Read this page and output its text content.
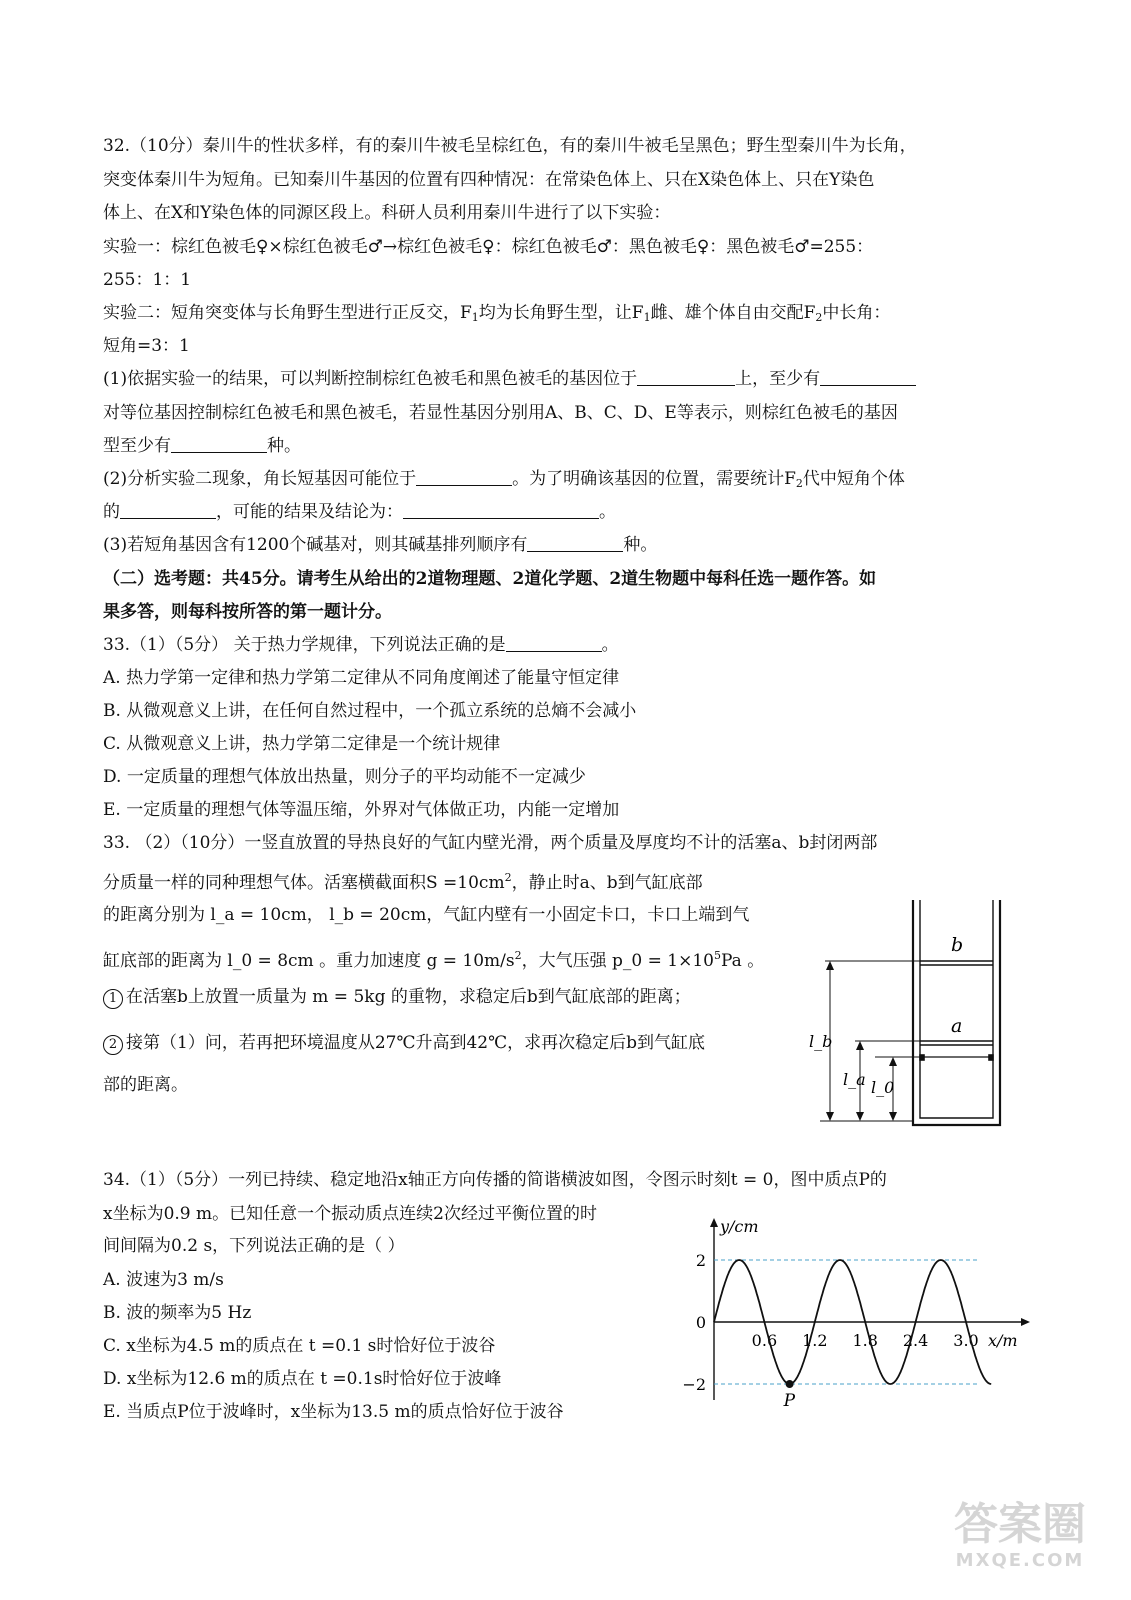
32.（10分）秦川牛的性状多样，有的秦川牛被毛呈棕红色，有的秦川牛被毛呈黑色；野生型秦川牛为长角，
突变体秦川牛为短角。已知秦川牛基因的位置有四种情况：在常染色体上、只在X染色体上、只在Y染色
体上、在X和Y染色体的同源区段上。科研人员利用秦川牛进行了以下实验：
实验一：棕红色被毛♀×棕红色被毛♂→棕红色被毛♀：棕红色被毛♂：黑色被毛♀：黑色被毛♂=255：
255：1：1
实验二：短角突变体与长角野生型进行正反交，$F_1$均为长角野生型，让$F_1$雌、雄个体自由交配$F_2$中长角：
短角=3：1
(1)依据实验一的结果，可以判断控制棕红色被毛和黑色被毛的基因位于	上，至少有
对等位基因控制棕红色被毛和黑色被毛，若显性基因分别用A、B、C、D、E等表示，则棕红色被毛的基因
型至少有	种。
(2)分析实验二现象，角长短基因可能位于	。为了明确该基因的位置，需要统计$F_2$代中短角个体
的	，可能的结果及结论为：	。
(3)若短角基因含有1200个碱基对，则其碱基排列顺序有	种。
（二）选考题：共45分。请考生从给出的2道物理题、2道化学题、2道生物题中每科任选一题作答。如
果多答，则每科按所答的第一题计分。
33.（1）（5分） 关于热力学规律，下列说法正确的是	。
A. 热力学第一定律和热力学第二定律从不同角度阐述了能量守恒定律
B. 从微观意义上讲，在任何自然过程中，一个孤立系统的总熵不会减小
C. 从微观意义上讲，热力学第二定律是一个统计规律
D. 一定质量的理想气体放出热量，则分子的平均动能不一定减少
E. 一定质量的理想气体等温压缩，外界对气体做正功，内能一定增加
33. （2）（10分）一竖直放置的导热良好的气缸内壁光滑，两个质量及厚度均不计的活塞a、b封闭两部
分质量一样的同种理想气体。活塞横截面积$S =10cm^2$，静止时a、b到气缸底部
的距离分别为 l_a = 10cm， l_b = 20cm，气缸内壁有一小固定卡口，卡口上端到气
缸底部的距离为 l_0 = 8cm 。重力加速度 $g = 10m/s^2$，大气压强 p_0 = $1\times 10^5Pa$ 。
1 在活塞b上放置一质量为 m = 5kg 的重物，求稳定后b到气缸底部的距离；
2 接第（1）问，若再把环境温度从27℃升高到42℃，求再次稳定后b到气缸底
部的距离。
b
a
l_b
l_a l_0
34.（1）（5分）一列已持续、稳定地沿x轴正方向传播的简谐横波如图，令图示时刻t = 0，图中质点P的
x坐标为0.9 m。已知任意一个振动质点连续2次经过平衡位置的时
间间隔为0.2 s，下列说法正确的是（ ）
A. 波速为3 m/s
B. 波的频率为5 Hz
C. x坐标为4.5 m的质点在 t =0.1 s时恰好位于波谷
D. x坐标为12.6 m的质点在 t =0.1s时恰好位于波峰
E. 当质点P位于波峰时，x坐标为13.5 m的质点恰好位于波谷
y/cm
x/m
2
0
−2
0.6 1.2 1.8 2.4 3.0
P
答案圈
MXQE.COM
